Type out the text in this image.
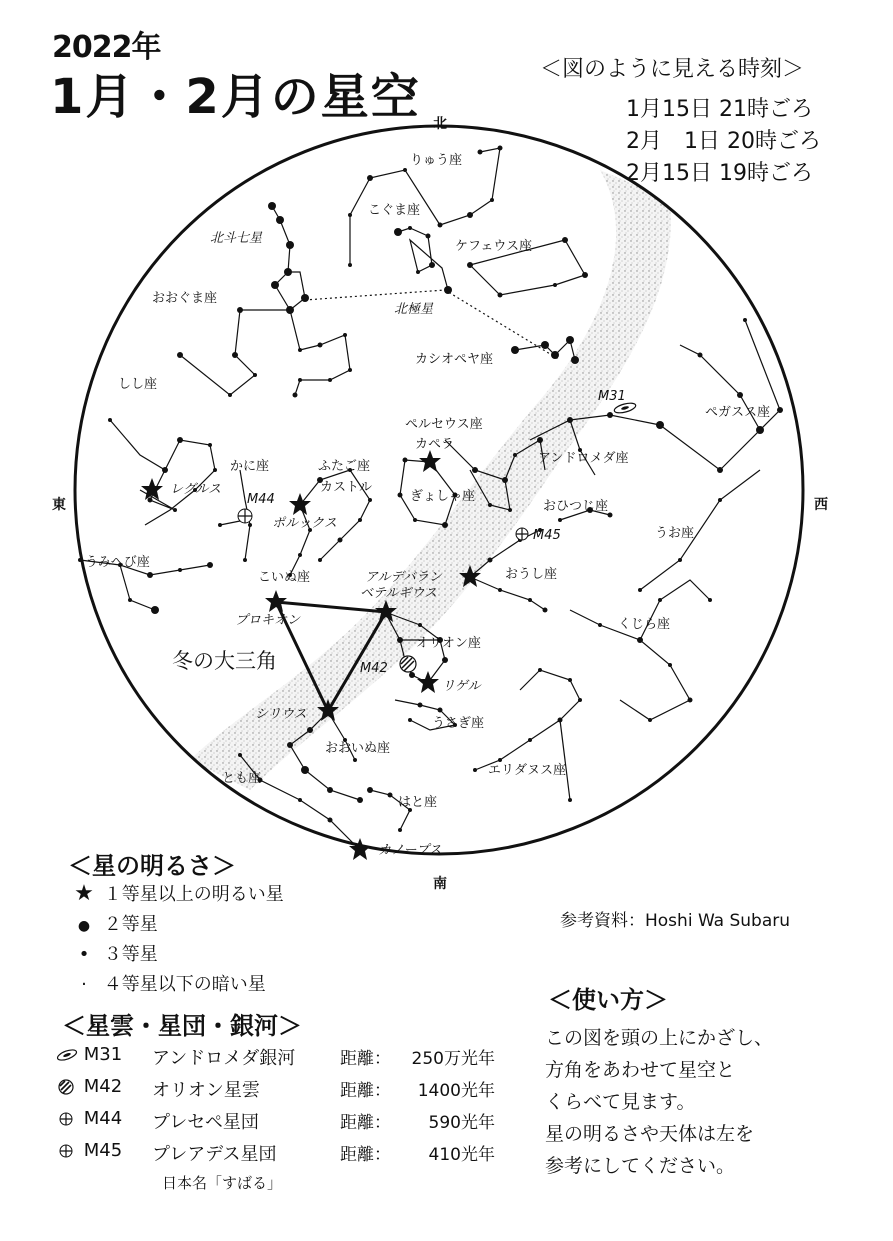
2022年
1月・2月の星空	＜図のように見える時刻＞
1月15日 21時ごろ
2月　1日 20時ごろ
2月15日 19時ごろ
北
南
東	西
りゅう座
こぐま座
北斗七星
ケフェウス座
おおぐま座
北極星
カシオペヤ座
しし座
M31
ペルセウス座
ペガスス座
カペラ
アンドロメダ座
かに座	ふたご座
レグルス	カストル
ぎょしゃ座
M44
ポルックス
おひつじ座
うお座
M45
うみへび座
こいぬ座	アルデバラン	おうし座
ベテルギウス
プロキオン	くじら座
オリオン座
M42
リゲル
冬の大三角
シリウス
うさぎ座
おおいぬ座
とも座
エリダヌス座
はと座
カノープス
＜星の明るさ＞
★ １等星以上の明るい星
● ２等星
• ３等星
· ４等星以下の暗い星
参考資料：Hoshi Wa Subaru
＜星雲・星団・銀河＞
M31 アンドロメダ銀河	距離：	250万光年
M42 オリオン星雲	距離：	1400光年
M44 プレセペ星団	距離：	590光年
M45 プレアデス星団	距離：	410光年
日本名「すばる」
＜使い方＞
この図を頭の上にかざし、
方角をあわせて星空と
くらべて見ます。
星の明るさや天体は左を
参考にしてください。
